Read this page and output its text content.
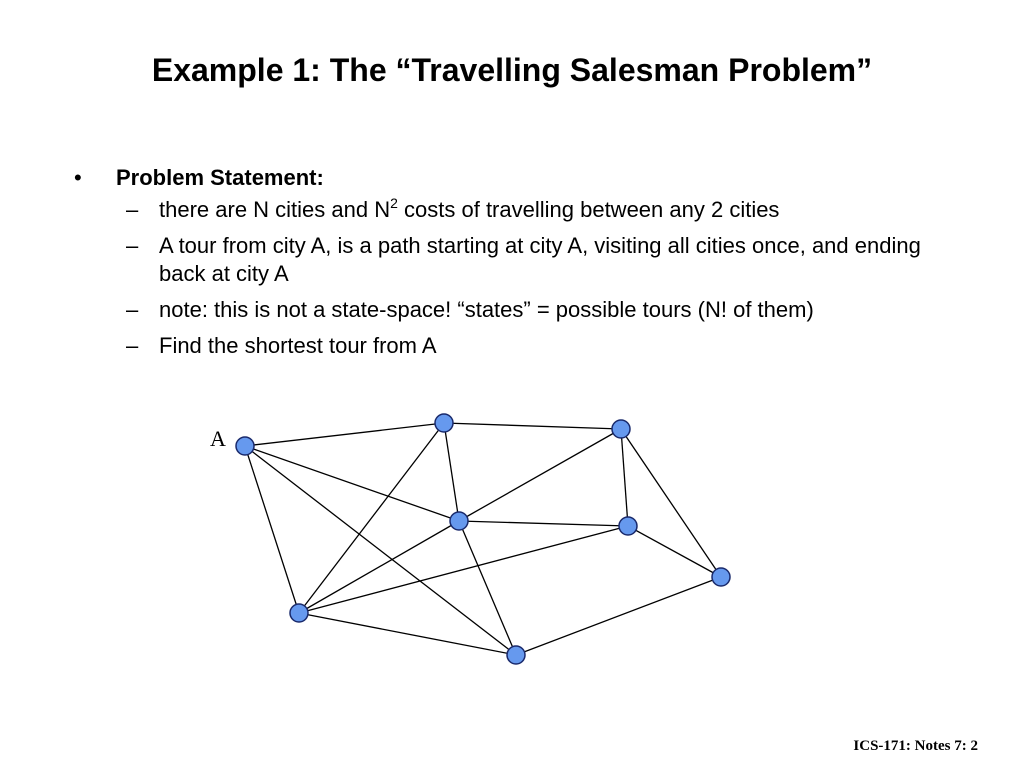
Example 1: The “Travelling Salesman Problem”
• Problem Statement:
– there are N cities and $N^2$ costs of travelling between any 2 cities
– A tour from city A, is a path starting at city A, visiting all cities once, and ending back at city A
– note: this is not a state-space! “states” = possible tours (N! of them)
– Find the shortest tour from A
A
ICS-171: Notes 7: 2
